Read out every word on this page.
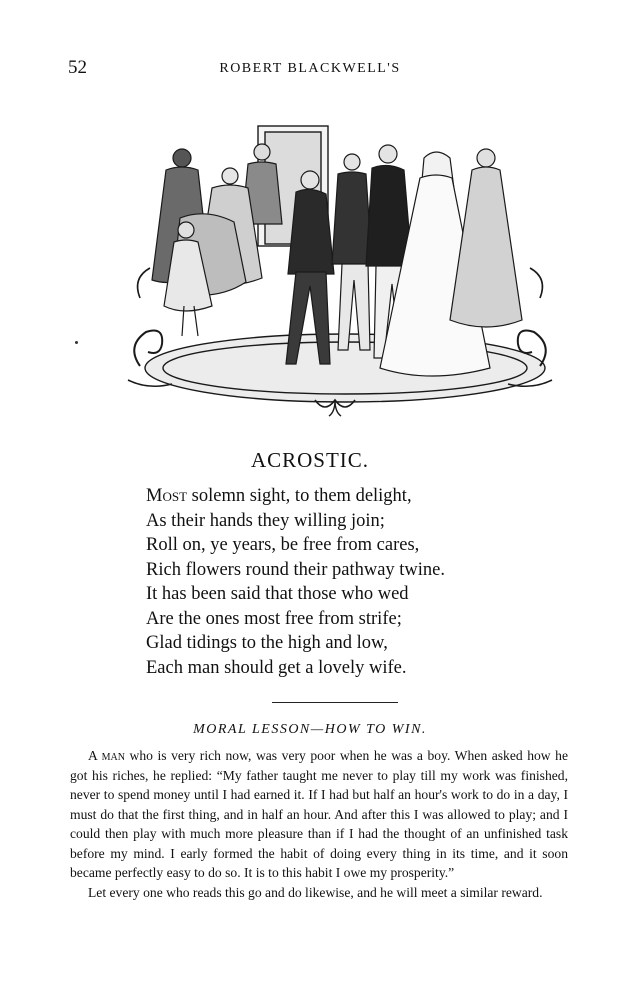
52	ROBERT BLACKWELL'S
ACROSTIC.
Most solemn sight, to them delight,
As their hands they willing join;
Roll on, ye years, be free from cares,
Rich flowers round their pathway twine.
It has been said that those who wed
Are the ones most free from strife;
Glad tidings to the high and low,
Each man should get a lovely wife.
MORAL LESSON—HOW TO WIN.

A man who is very rich now, was very poor when he was a boy. When asked how he got his riches, he replied: “My father taught me never to play till my work was finished, never to spend money until I had earned it. If I had but half an hour's work to do in a day, I must do that the first thing, and in half an hour. And after this I was allowed to play; and I could then play with much more pleasure than if I had the thought of an unfinished task before my mind. I early formed the habit of doing every thing in its time, and it soon became perfectly easy to do so. It is to this habit I owe my prosperity.”

Let every one who reads this go and do likewise, and he will meet a similar reward.
